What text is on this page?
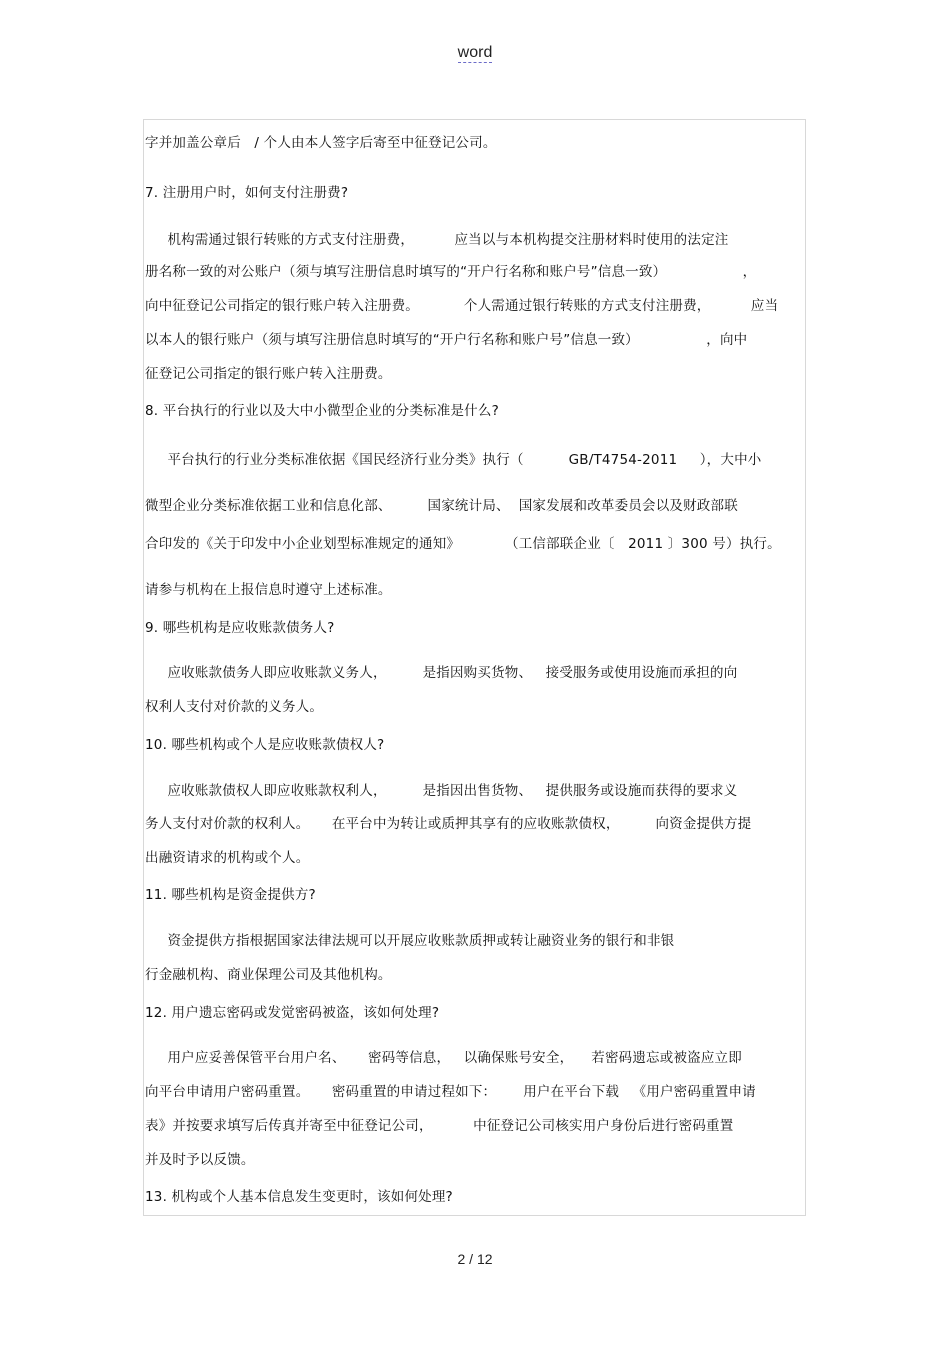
word
字并加盖公章后   / 个人由本人签字后寄至中征登记公司。
7. 注册用户时，如何支付注册费?
机构需通过银行转账的方式支付注册费，         应当以与本机构提交注册材料时使用的法定注
册名称一致的对公账户（须与填写注册信息时填写的“开户行名称和账户号”信息一致）                 ，
向中征登记公司指定的银行账户转入注册费。          个人需通过银行转账的方式支付注册费，         应当
以本人的银行账户（须与填写注册信息时填写的“开户行名称和账户号”信息一致）               ，向中
征登记公司指定的银行账户转入注册费。
8. 平台执行的行业以及大中小微型企业的分类标准是什么?
平台执行的行业分类标准依据《国民经济行业分类》执行（          GB/T4754-2011     ），大中小
微型企业分类标准依据工业和信息化部、        国家统计局、  国家发展和改革委员会以及财政部联
合印发的《关于印发中小企业划型标准规定的通知》          （工信部联企业〔   2011 〕300 号）执行。
请参与机构在上报信息时遵守上述标准。
9. 哪些机构是应收账款债务人?
应收账款债务人即应收账款义务人，        是指因购买货物、   接受服务或使用设施而承担的向
权利人支付对价款的义务人。
10. 哪些机构或个人是应收账款债权人?
应收账款债权人即应收账款权利人，        是指因出售货物、   提供服务或设施而获得的要求义
务人支付对价款的权利人。     在平台中为转让或质押其享有的应收账款债权，        向资金提供方提
出融资请求的机构或个人。
11. 哪些机构是资金提供方?
资金提供方指根据国家法律法规可以开展应收账款质押或转让融资业务的银行和非银
行金融机构、商业保理公司及其他机构。
12. 用户遗忘密码或发觉密码被盗，该如何处理?
用户应妥善保管平台用户名、     密码等信息，   以确保账号安全，    若密码遗忘或被盗应立即
向平台申请用户密码重置。     密码重置的申请过程如下：      用户在平台下载   《用户密码重置申请
表》并按要求填写后传真并寄至中征登记公司，         中征登记公司核实用户身份后进行密码重置
并及时予以反馈。
13. 机构或个人基本信息发生变更时，该如何处理?
2 / 12
